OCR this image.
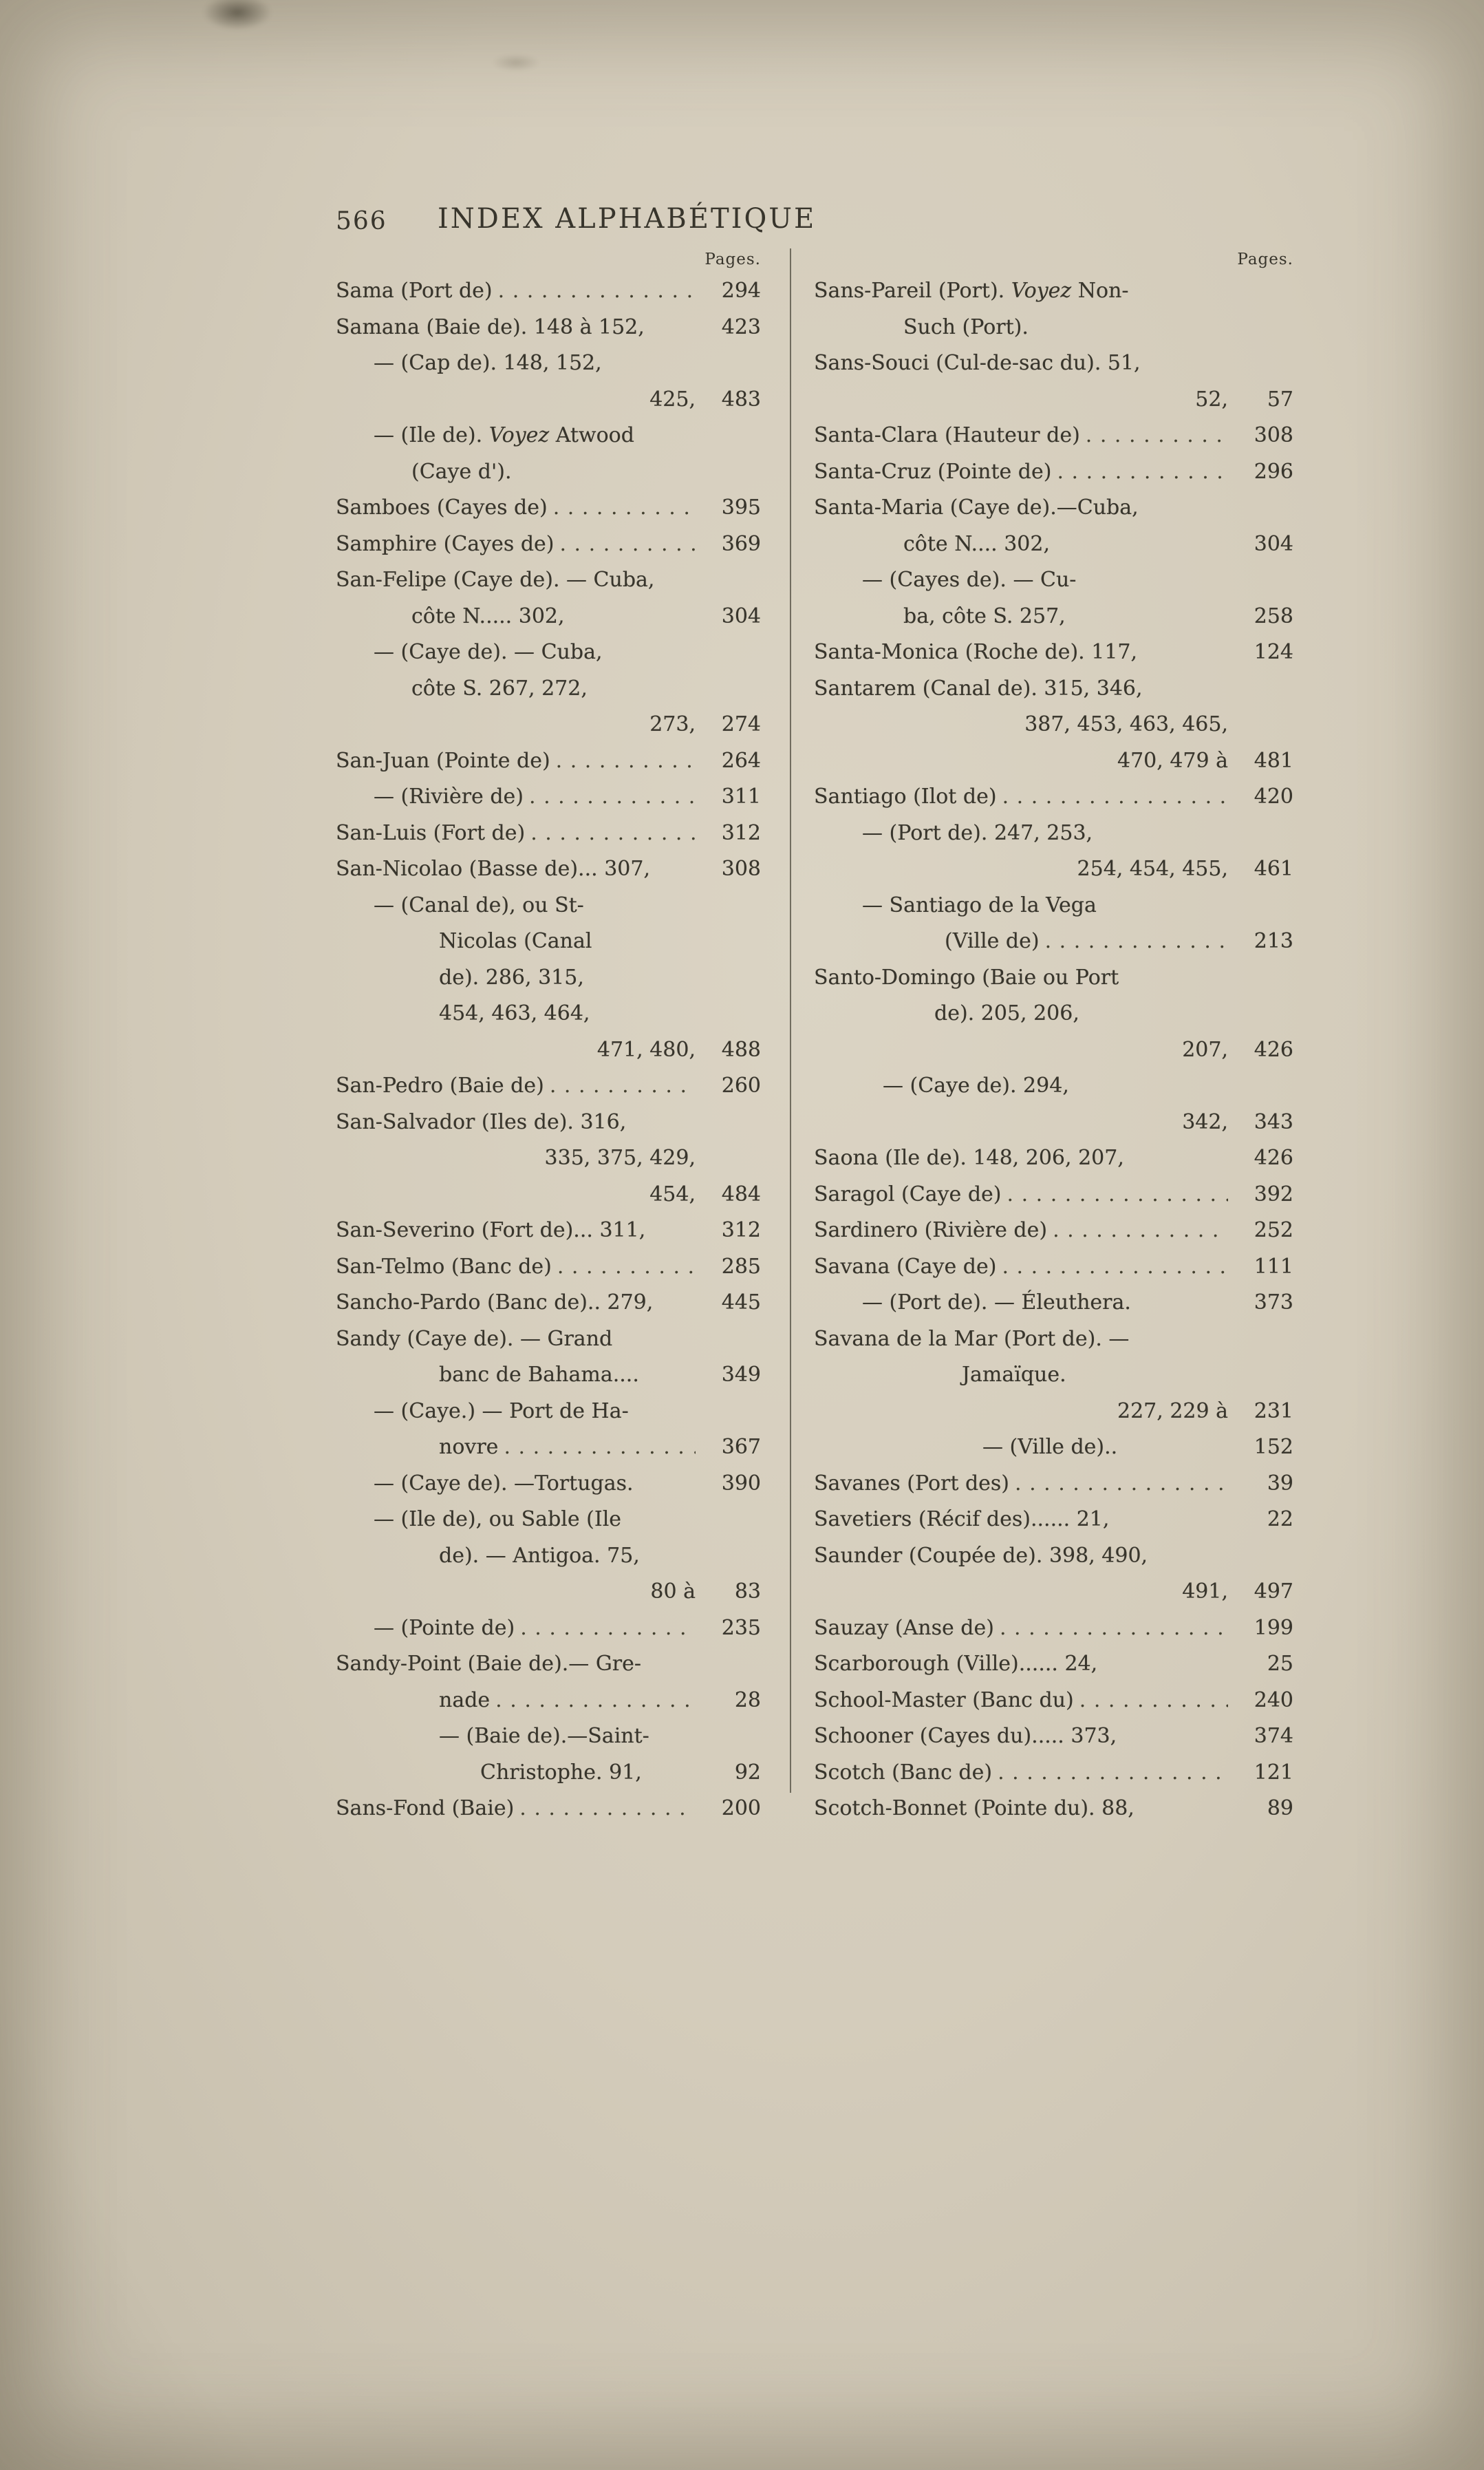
566 INDEX ALPHABÉTIQUE
Pages.
Sama (Port de) . . .	294
Samana (Baie de). 148 à 152,	423
— (Cap de). 148, 152,
425,	483
— (Ile de). Voyez Atwood
(Caye d').
Samboes (Cayes de) . . .	395
Samphire (Cayes de) . . .	369
San-Felipe (Caye de). — Cuba,
côte N..... 302,	304
— (Caye de). — Cuba,
côte S. 267, 272,
273,	274
San-Juan (Pointe de) . . .	264
— (Rivière de) . . .	311
San-Luis (Fort de) . . .	312
San-Nicolao (Basse de)... 307,	308
— (Canal de), ou St-
Nicolas (Canal
de). 286, 315,
454, 463, 464,
471, 480,	488
San-Pedro (Baie de) . . .	260
San-Salvador (Iles de). 316,
335, 375, 429,
454,	484
San-Severino (Fort de)... 311,	312
San-Telmo (Banc de) . . .	285
Sancho-Pardo (Banc de).. 279,	445
Sandy (Caye de). — Grand
banc de Bahama....	349
— (Caye.) — Port de Ha-
novre . . .	367
— (Caye de). —Tortugas.	390
— (Ile de), ou Sable (Ile
de). — Antigoa. 75,
80 à	83
— (Pointe de) . . .	235
Sandy-Point (Baie de).— Gre-
nade . . .	28
— (Baie de).—Saint-
Christophe. 91,	92
Sans-Fond (Baie) . . .	200
Pages.
Sans-Pareil (Port). Voyez Non-
Such (Port).
Sans-Souci (Cul-de-sac du). 51,
52,	57
Santa-Clara (Hauteur de) . . .	308
Santa-Cruz (Pointe de) . . .	296
Santa-Maria (Caye de).—Cuba,
côte N.... 302,	304
— (Cayes de). — Cu-
ba, côte S. 257,	258
Santa-Monica (Roche de). 117,	124
Santarem (Canal de). 315, 346,
387, 453, 463, 465,
470, 479 à	481
Santiago (Ilot de) . . .	420
— (Port de). 247, 253,
254, 454, 455,	461
— Santiago de la Vega
(Ville de) . . .	213
Santo-Domingo (Baie ou Port
de). 205, 206,
207,	426
— (Caye de). 294,
342,	343
Saona (Ile de). 148, 206, 207,	426
Saragol (Caye de) . . .	392
Sardinero (Rivière de) . . .	252
Savana (Caye de) . . .	111
— (Port de). — Éleuthera.	373
Savana de la Mar (Port de). —
Jamaïque.
227, 229 à	231
— (Ville de)..	152
Savanes (Port des) . . .	39
Savetiers (Récif des)...... 21,	22
Saunder (Coupée de). 398, 490,
491,	497
Sauzay (Anse de) . . .	199
Scarborough (Ville)...... 24,	25
School-Master (Banc du) . . .	240
Schooner (Cayes du)..... 373,	374
Scotch (Banc de) . . .	121
Scotch-Bonnet (Pointe du). 88,	89
